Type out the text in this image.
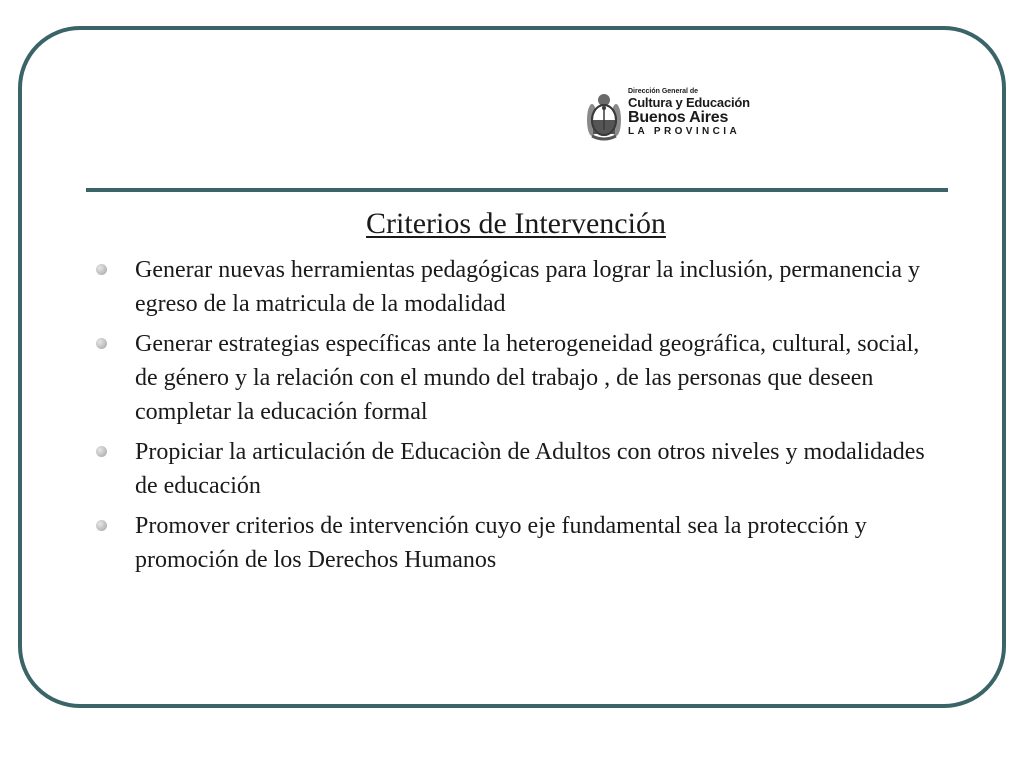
Dirección General de
Cultura y Educación
Buenos Aires
LA PROVINCIA
Criterios de Intervención
Generar nuevas herramientas pedagógicas para lograr la inclusión, permanencia y egreso de la matricula de la modalidad
Generar estrategias específicas ante la heterogeneidad geográfica, cultural, social, de género y la relación con el mundo del trabajo , de las personas que deseen completar la educación formal
Propiciar la articulación de Educaciòn de Adultos con otros niveles y modalidades de educación
Promover criterios de intervención cuyo eje fundamental sea la protección y promoción de los Derechos Humanos
